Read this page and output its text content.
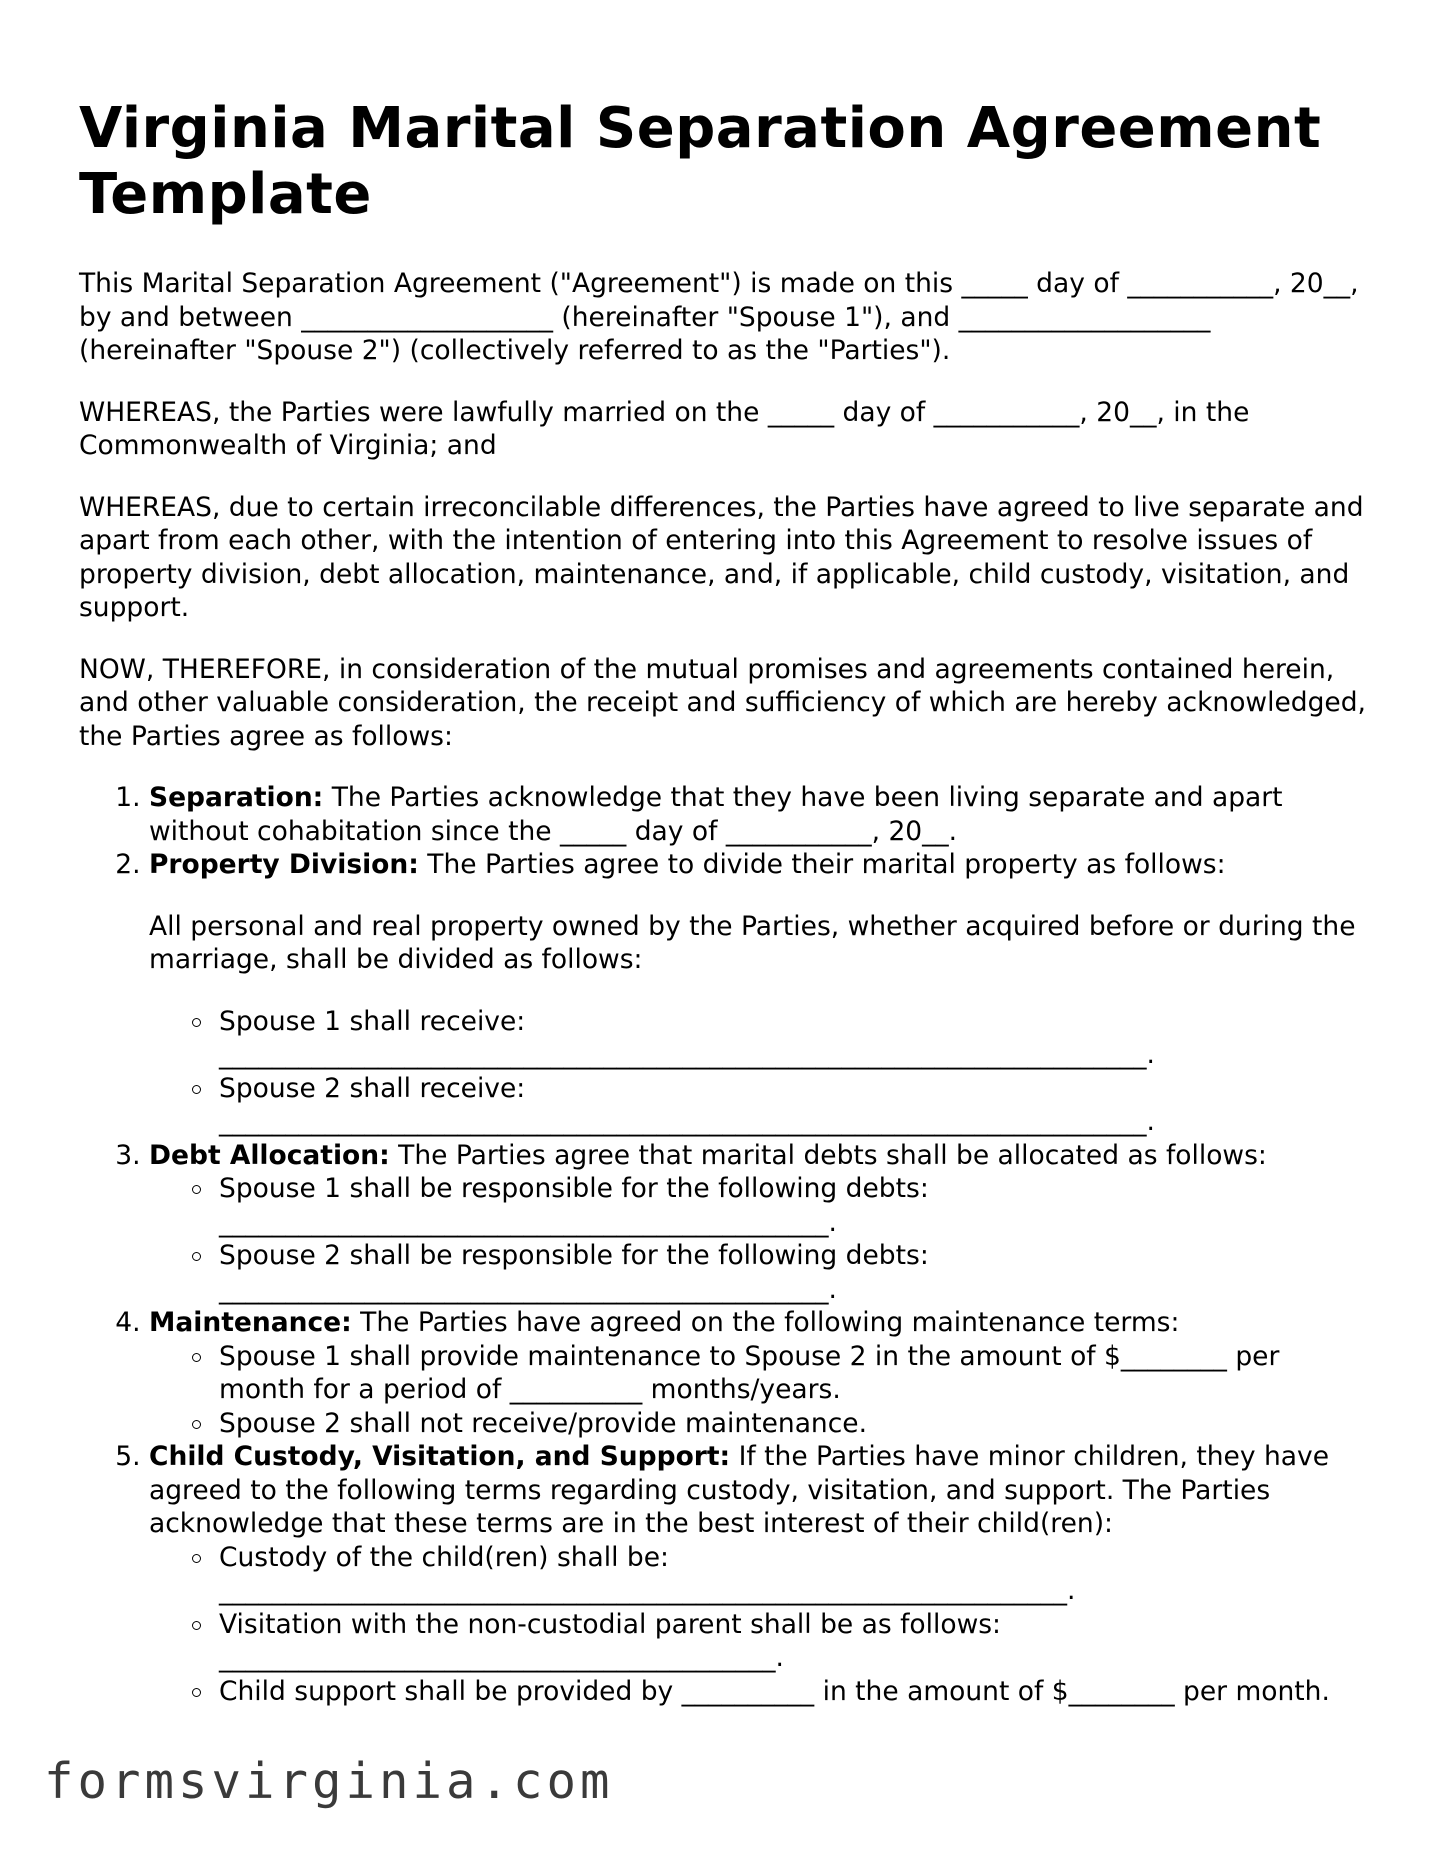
Virginia Marital Separation Agreement Template

This Marital Separation Agreement ("Agreement") is made on this _____ day of ___________, 20__, by and between ___________________ (hereinafter "Spouse 1"), and ___________________ (hereinafter "Spouse 2") (collectively referred to as the "Parties").

WHEREAS, the Parties were lawfully married on the _____ day of ___________, 20__, in the Commonwealth of Virginia; and

WHEREAS, due to certain irreconcilable differences, the Parties have agreed to live separate and apart from each other, with the intention of entering into this Agreement to resolve issues of property division, debt allocation, maintenance, and, if applicable, child custody, visitation, and support.

NOW, THEREFORE, in consideration of the mutual promises and agreements contained herein, and other valuable consideration, the receipt and sufficiency of which are hereby acknowledged, the Parties agree as follows:

1. Separation: The Parties acknowledge that they have been living separate and apart without cohabitation since the _____ day of ___________, 20__.
2. Property Division: The Parties agree to divide their marital property as follows:

All personal and real property owned by the Parties, whether acquired before or during the marriage, shall be divided as follows:

Spouse 1 shall receive: ______________________________________________________________________.
Spouse 2 shall receive: ______________________________________________________________________.
3. Debt Allocation: The Parties agree that marital debts shall be allocated as follows:
Spouse 1 shall be responsible for the following debts: ______________________________________________.
Spouse 2 shall be responsible for the following debts: ______________________________________________.
4. Maintenance: The Parties have agreed on the following maintenance terms:
Spouse 1 shall provide maintenance to Spouse 2 in the amount of $________ per month for a period of __________ months/years.
Spouse 2 shall not receive/provide maintenance.
5. Child Custody, Visitation, and Support: If the Parties have minor children, they have agreed to the following terms regarding custody, visitation, and support. The Parties acknowledge that these terms are in the best interest of their child(ren):
Custody of the child(ren) shall be: ________________________________________________________________.
Visitation with the non-custodial parent shall be as follows: __________________________________________.
Child support shall be provided by __________ in the amount of $________ per month.
formsvirginia.com
